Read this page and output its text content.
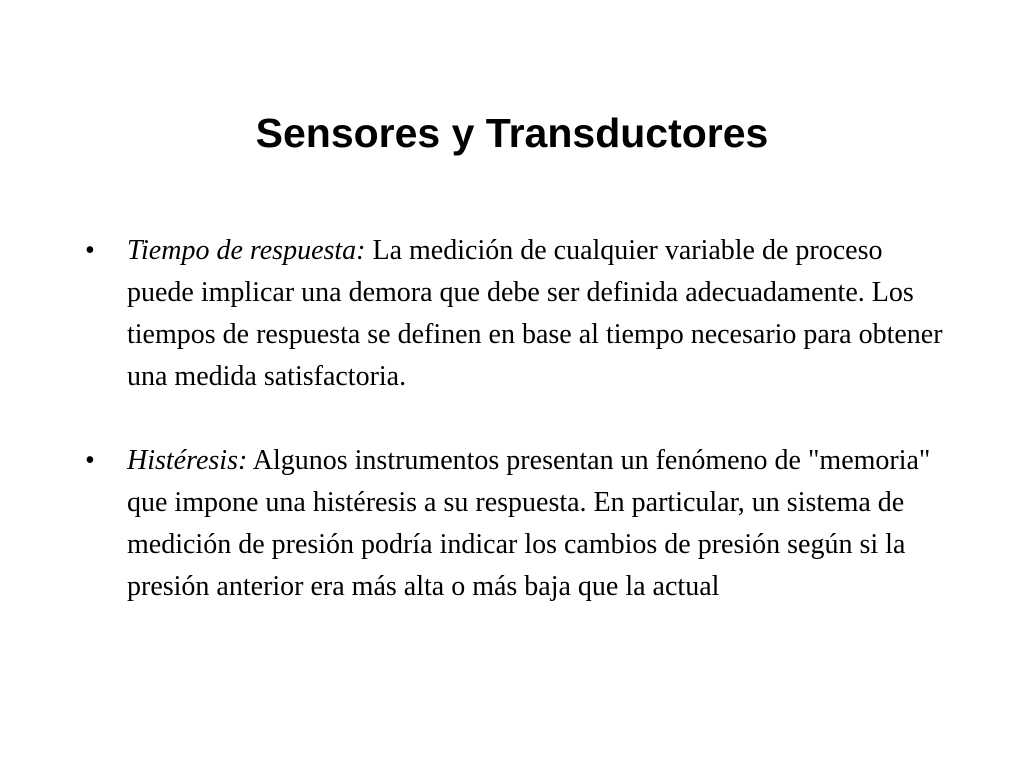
Sensores y Transductores
• Tiempo de respuesta: La medición de cualquier variable de proceso puede implicar una demora que debe ser definida adecuadamente. Los tiempos de respuesta se definen en base al tiempo necesario para obtener una medida satisfactoria.
• Histéresis: Algunos instrumentos presentan un fenómeno de "memoria" que impone una histéresis a su respuesta. En particular, un sistema de medición de presión podría indicar los cambios de presión según si la presión anterior era más alta o más baja que la actual
